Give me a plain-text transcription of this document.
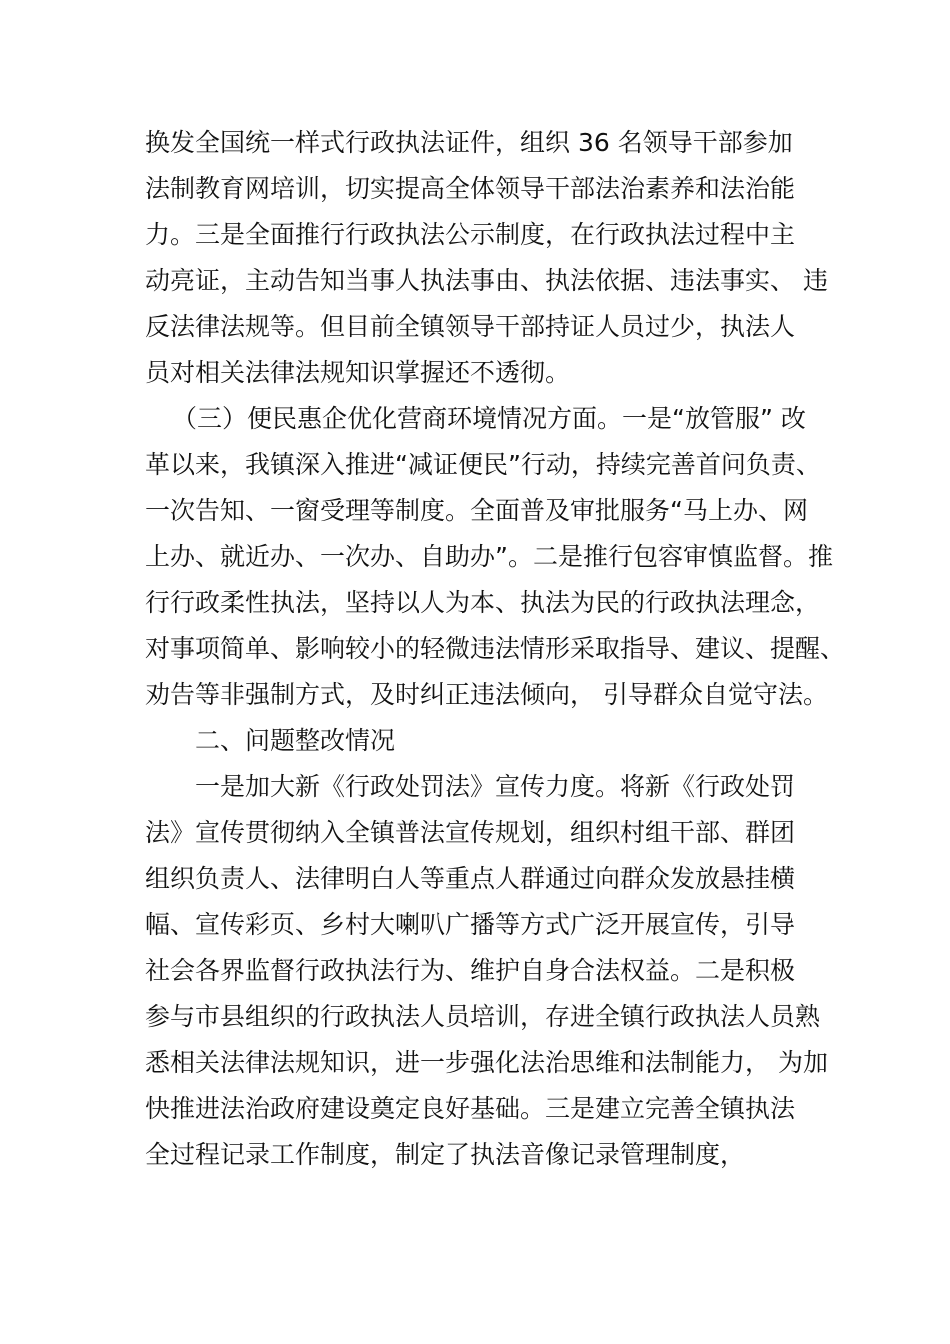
换发全国统一样式行政执法证件，组织 36 名领导干部参加
法制教育网培训，切实提高全体领导干部法治素养和法治能
力。三是全面推行行政执法公示制度，在行政执法过程中主
动亮证，主动告知当事人执法事由、执法依据、违法事实、 违
反法律法规等。但目前全镇领导干部持证人员过少，执法人
员对相关法律法规知识掌握还不透彻。
（三）便民惠企优化营商环境情况方面。一是“放管服” 改
革以来，我镇深入推进“减证便民”行动，持续完善首问负责、
一次告知、一窗受理等制度。全面普及审批服务“马上办、网
上办、就近办、一次办、自助办”。二是推行包容审慎监督。推
行行政柔性执法，坚持以人为本、执法为民的行政执法理念，
对事项简单、影响较小的轻微违法情形采取指导、建议、提醒、
劝告等非强制方式，及时纠正违法倾向， 引导群众自觉守法。
二、问题整改情况
一是加大新《行政处罚法》宣传力度。将新《行政处罚
法》宣传贯彻纳入全镇普法宣传规划，组织村组干部、群团
组织负责人、法律明白人等重点人群通过向群众发放悬挂横
幅、宣传彩页、乡村大喇叭广播等方式广泛开展宣传，引导
社会各界监督行政执法行为、维护自身合法权益。二是积极
参与市县组织的行政执法人员培训，存进全镇行政执法人员熟
悉相关法律法规知识，进一步强化法治思维和法制能力， 为加
快推进法治政府建设奠定良好基础。三是建立完善全镇执法
全过程记录工作制度，制定了执法音像记录管理制度，
